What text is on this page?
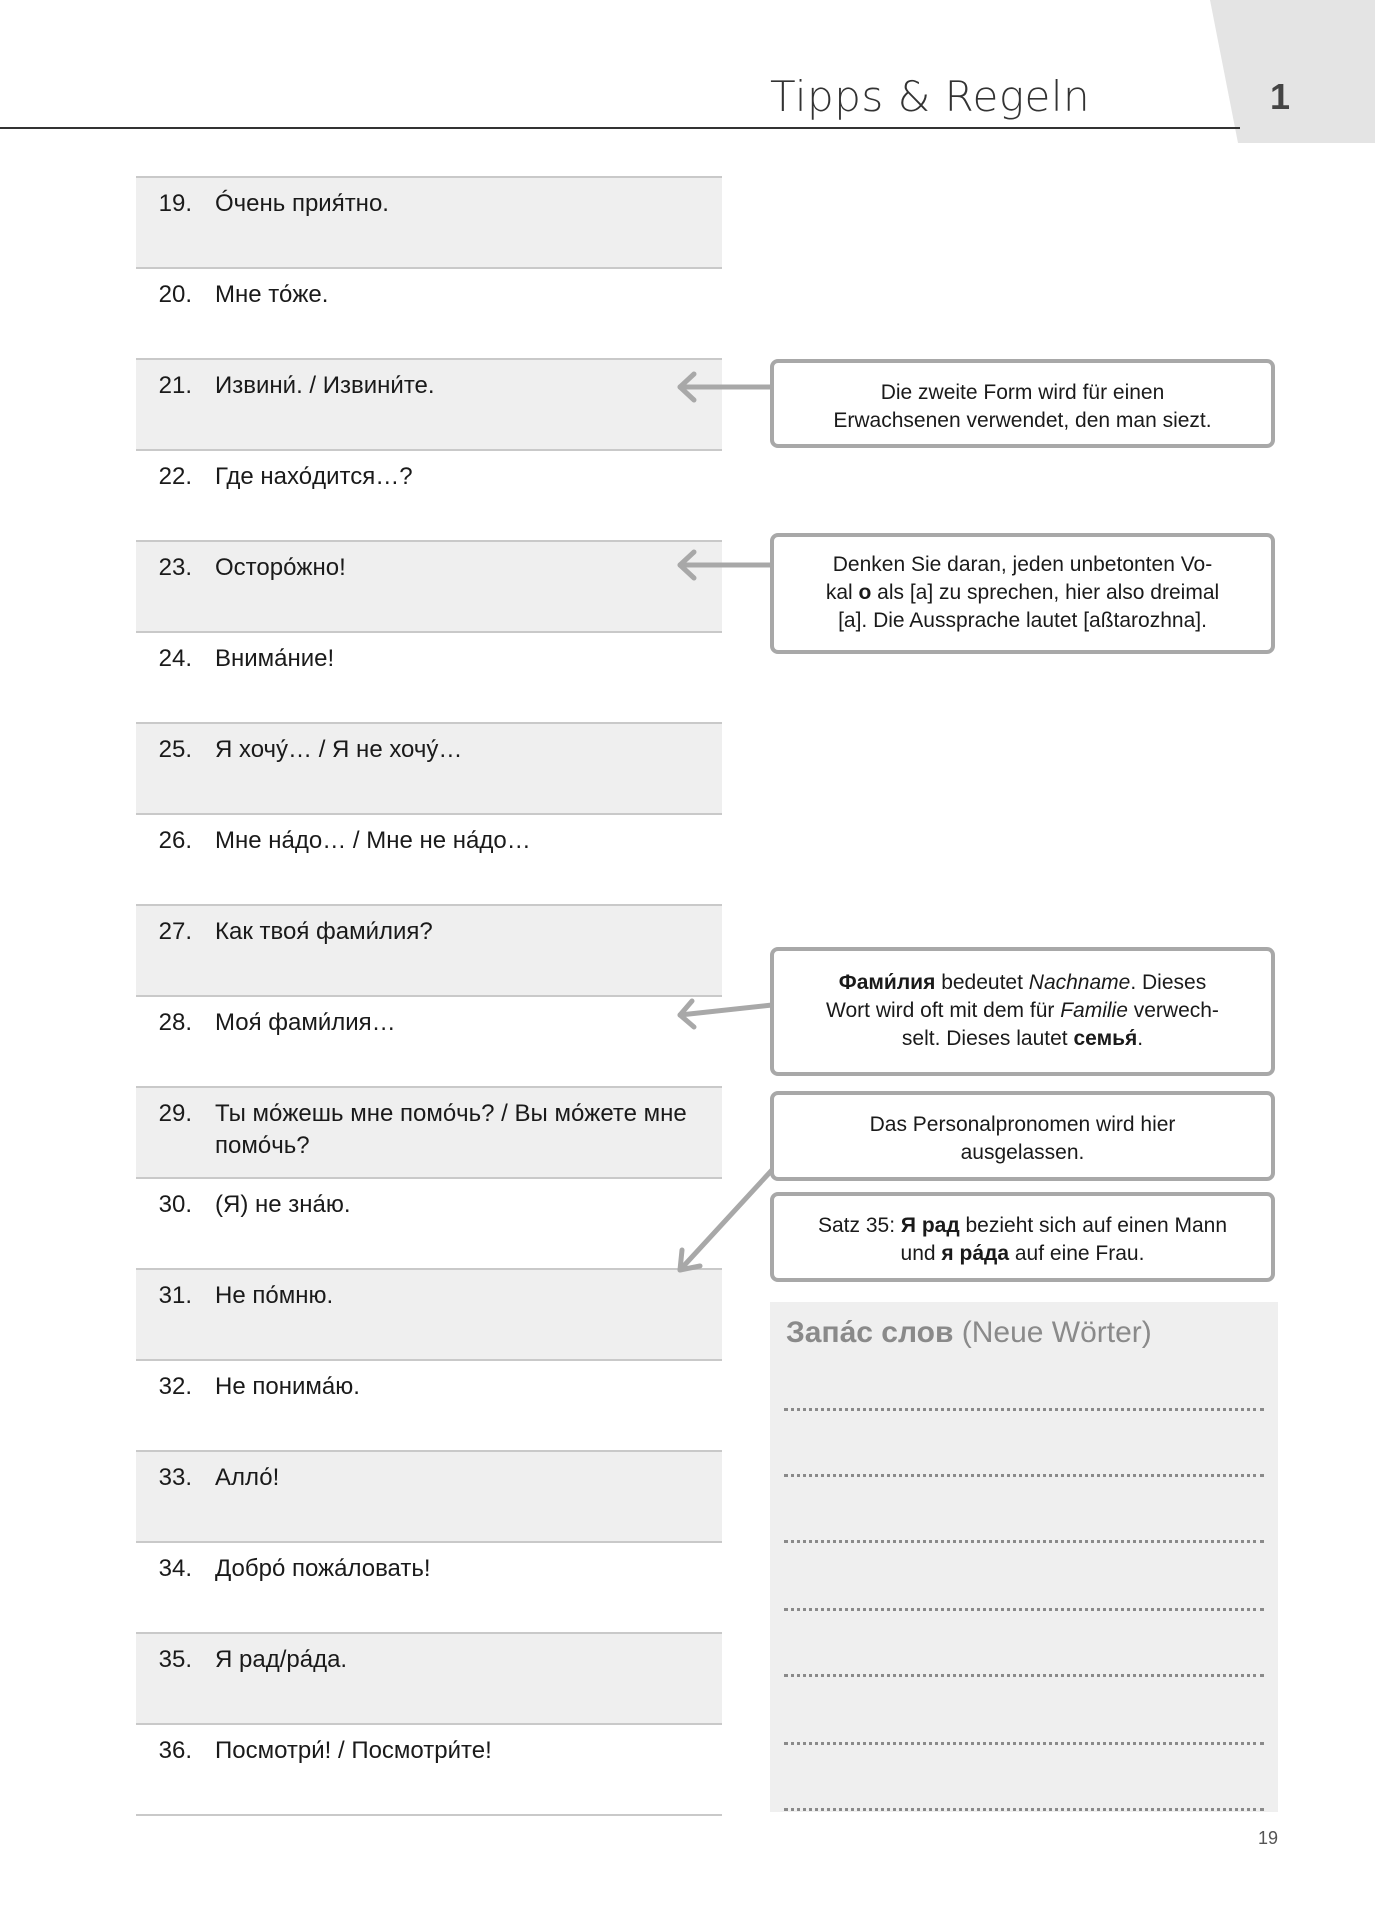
1
Tipps & Regeln
19. Óчень прия́тно.
20. Мне то́же.
21. Извини́. / Извини́те.
22. Где нахо́дится…?
23. Осторо́жно!
24. Внима́ние!
25. Я хочу́… / Я не хочу́…
26. Мне на́до… / Мне не на́до…
27. Как твоя́ фами́лия?
28. Моя́ фами́лия…
29. Ты мо́жешь мне помо́чь? / Вы мо́жете мне помо́чь?
30. (Я) не зна́ю.
31. Не по́мню.
32. Не понима́ю.
33. Алло́!
34. Добро́ пожа́ловать!
35. Я рад/ра́да.
36. Посмотри́! / Посмотри́те!
Die zweite Form wird für einen
Erwachsenen verwendet, den man siezt.
Denken Sie daran, jeden unbetonten Vo-
kal o als [a] zu sprechen, hier also dreimal
[a]. Die Aussprache lautet [aßtarozhna].
Фами́лия bedeutet Nachname. Dieses
Wort wird oft mit dem für Familie verwech-
selt. Dieses lautet семья́.
Das Personalpronomen wird hier
ausgelassen.
Satz 35: Я рад bezieht sich auf einen Mann
und я ра́да auf eine Frau.
Запа́с слов (Neue Wörter)
19
